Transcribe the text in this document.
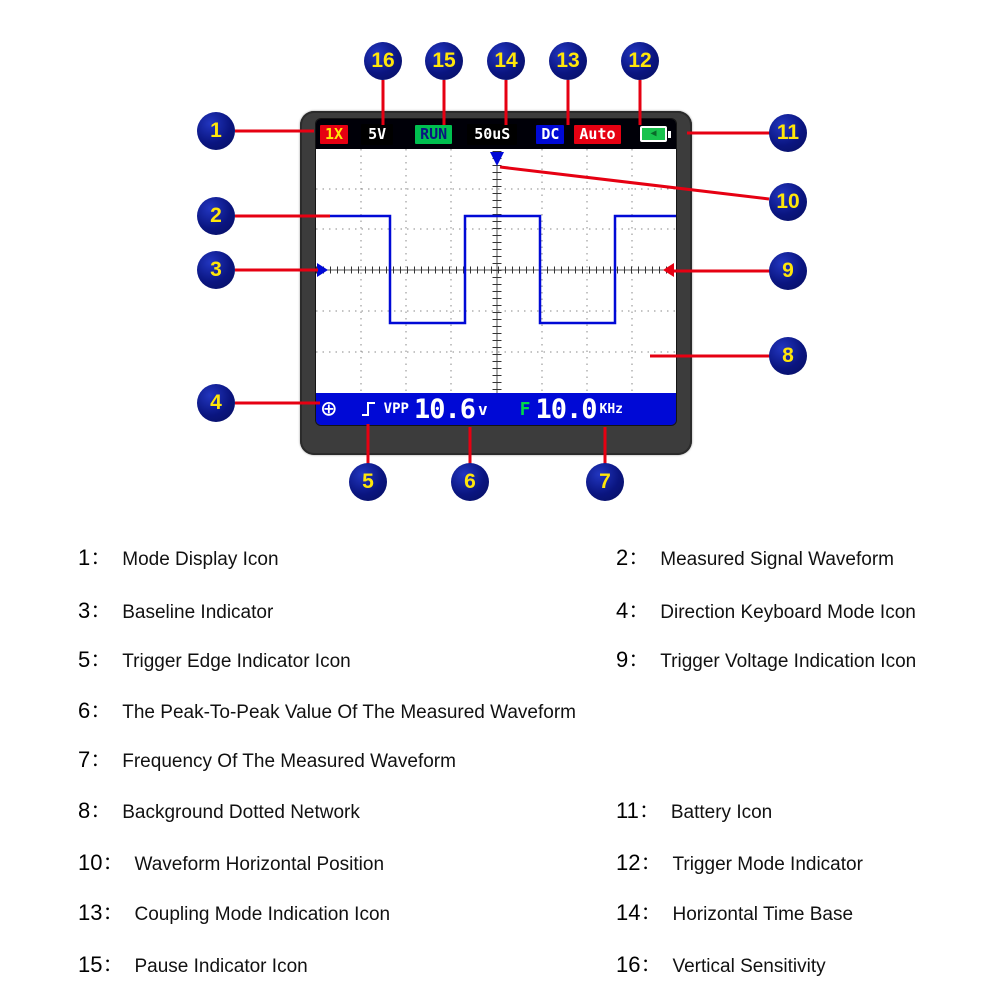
1X	5V	RUN	50uS	DC	Auto	◀
⊕	VPP 10.6 v F 10.0 KHz
16	15	14	13	12
1	11
10
2
3	9
8
4
5	6	7
1： Mode Display Icon	2： Measured Signal Waveform
3： Baseline Indicator	4： Direction Keyboard Mode Icon
5： Trigger Edge Indicator Icon	9： Trigger Voltage Indication Icon
6： The Peak-To-Peak Value Of The Measured Waveform
7： Frequency Of The Measured Waveform
8： Background Dotted Network	11： Battery Icon
10： Waveform Horizontal Position	12： Trigger Mode Indicator
13： Coupling Mode Indication Icon	14： Horizontal Time Base
15： Pause Indicator Icon	16： Vertical Sensitivity
